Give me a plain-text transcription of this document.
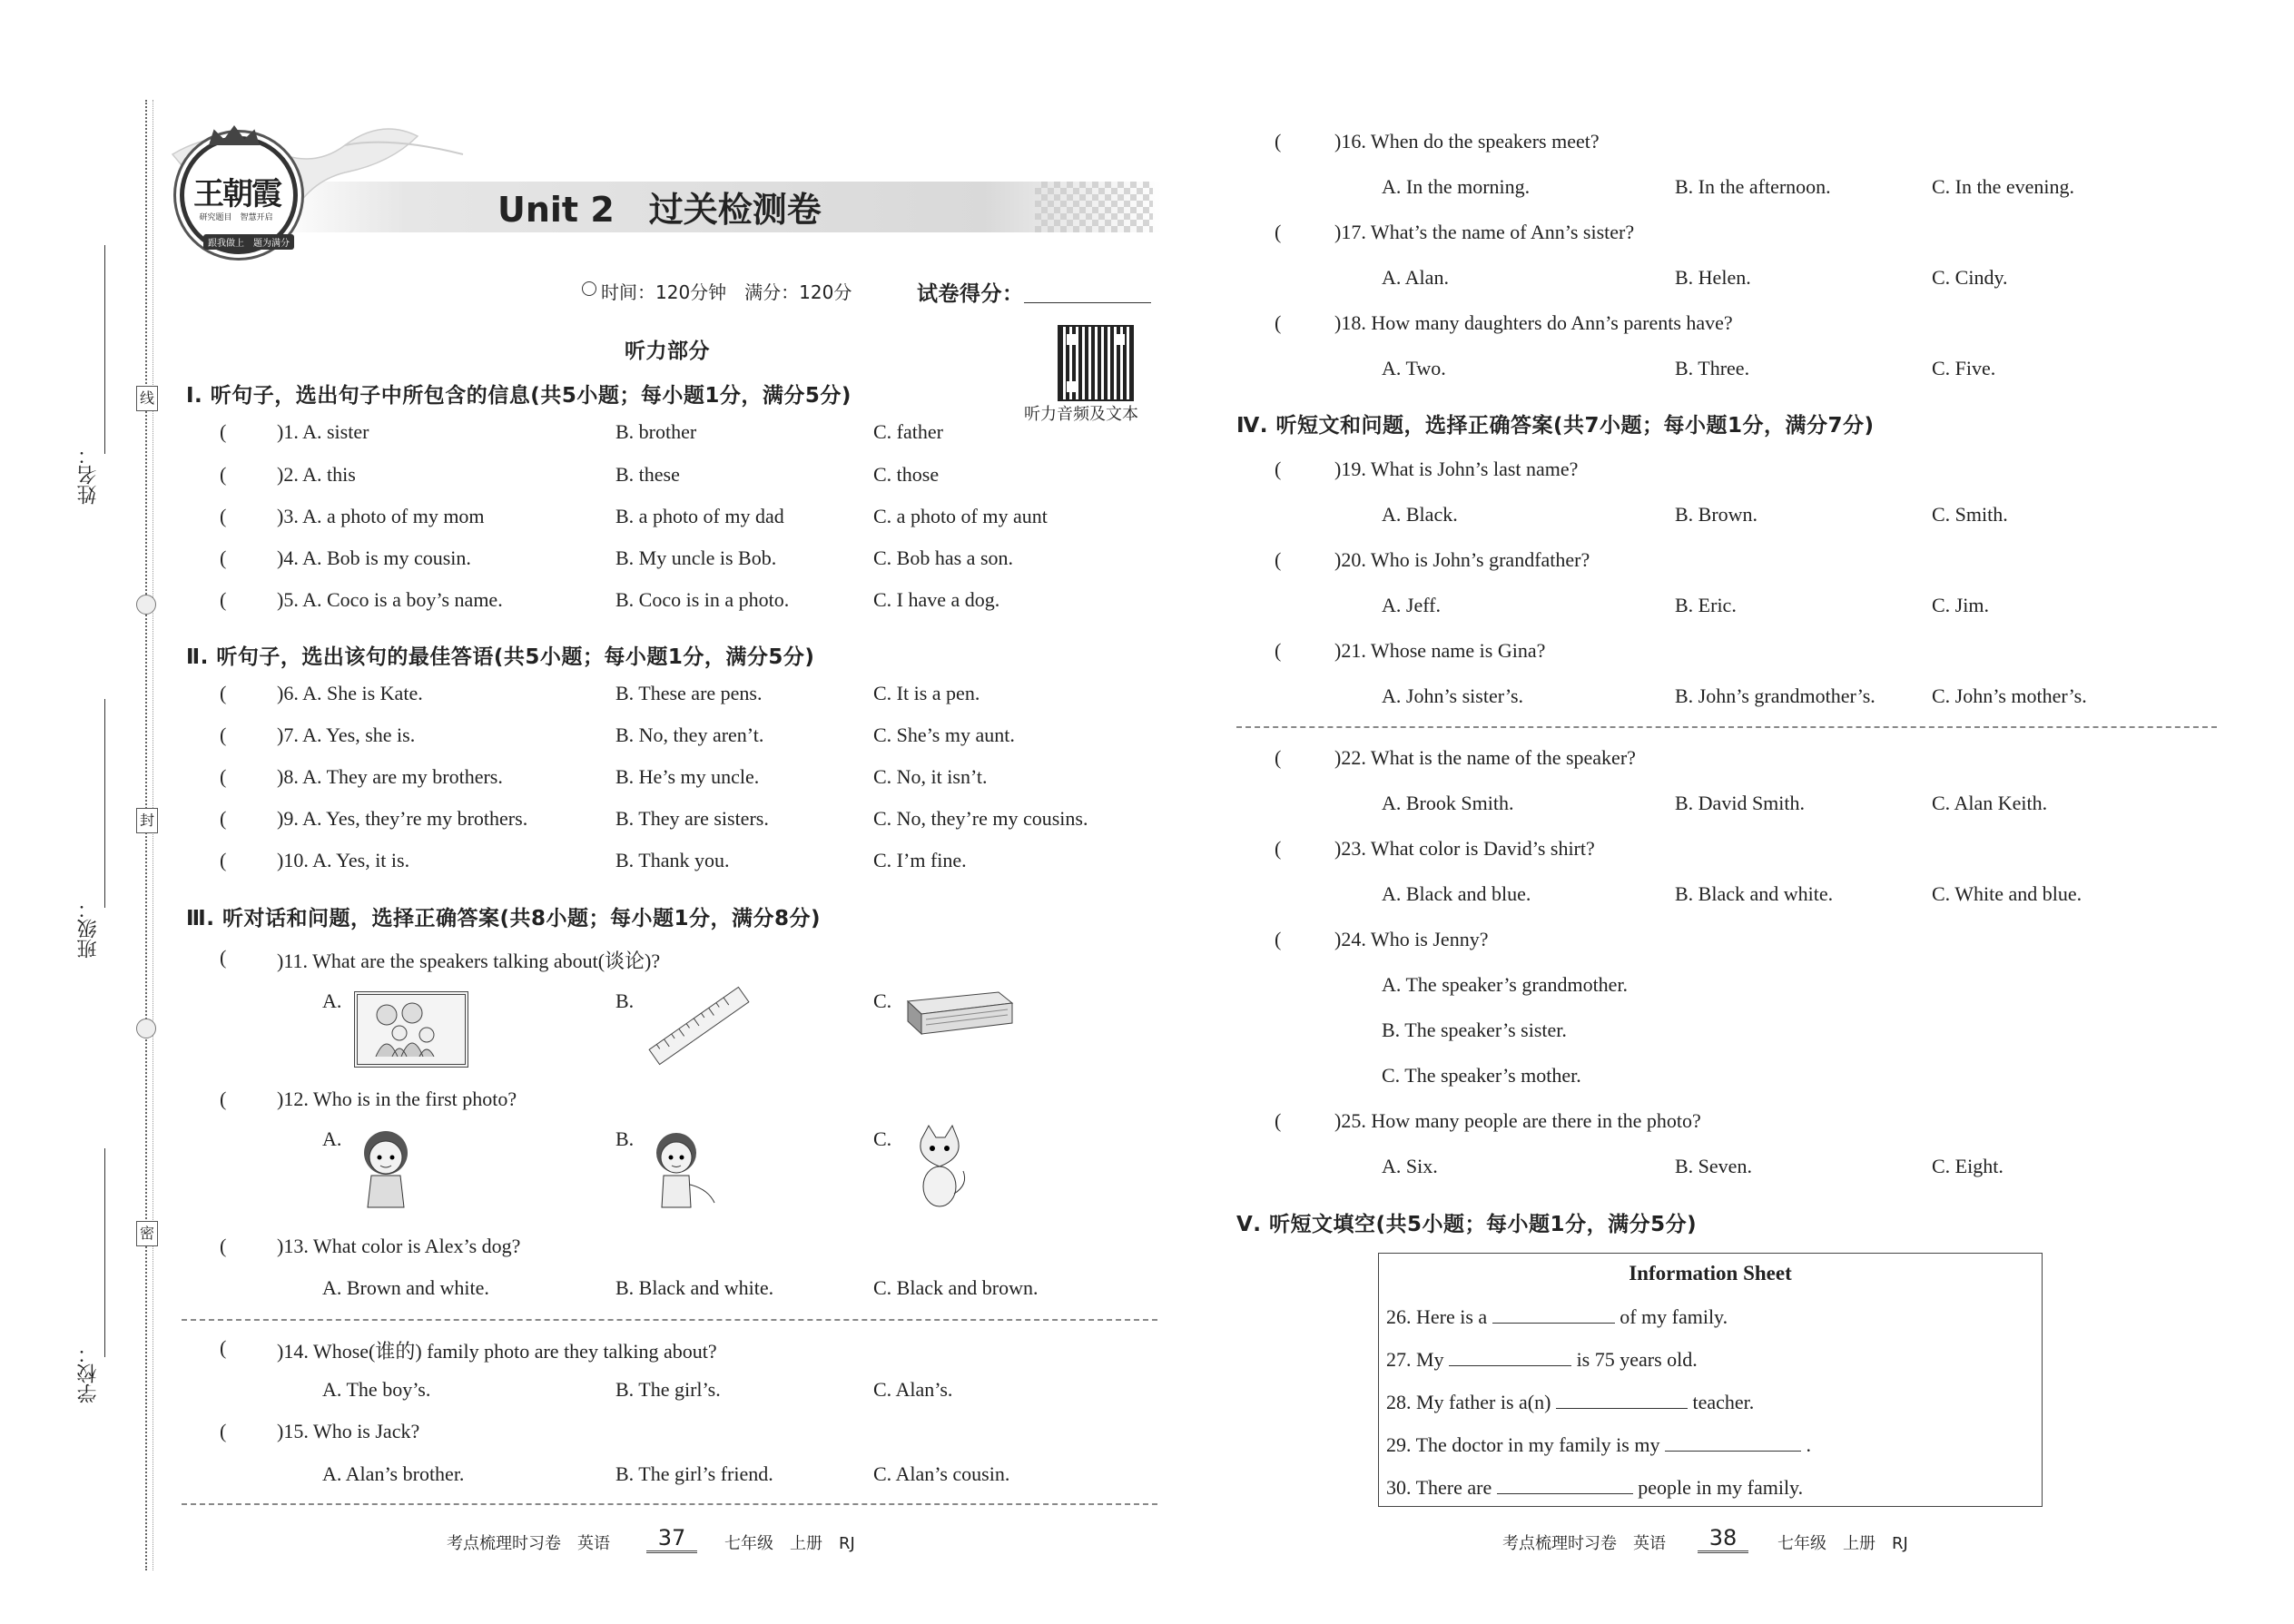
姓名：
线
班级：
封
学校：
密
王朝霞
研究题目　智慧开启
跟我做上　题为满分
Unit 2　过关检测卷
时间：120分钟　满分：120分	试卷得分：
听力部分
听力音频及文本
Ⅰ. 听句子，选出句子中所包含的信息(共5小题；每小题1分，满分5分)
(	)1. A. sister	B. brother	C. father
(	)2. A. this	B. these	C. those
(	)3. A. a photo of my mom	B. a photo of my dad	C. a photo of my aunt
(	)4. A. Bob is my cousin.	B. My uncle is Bob.	C. Bob has a son.
(	)5. A. Coco is a boy’s name.	B. Coco is in a photo.	C. I have a dog.
(	)6. A. She is Kate.	B. These are pens.	C. It is a pen.
(	)7. A. Yes, she is.	B. No, they aren’t.	C. She’s my aunt.
(	)8. A. They are my brothers.	B. He’s my uncle.	C. No, it isn’t.
(	)9. A. Yes, they’re my brothers.	B. They are sisters.	C. No, they’re my cousins.
(	)10. A. Yes, it is.	B. Thank you.	C. I’m fine.
Ⅱ. 听句子，选出该句的最佳答语(共5小题；每小题1分，满分5分)
Ⅲ. 听对话和问题，选择正确答案(共8小题；每小题1分，满分8分)
(	)11. What are the speakers talking about(谈论)?
A.	B.	C.
(	)12. Who is in the first photo?
A.	B.	C.
(	)13. What color is Alex’s dog?
A. Brown and white.	B. Black and white.	C. Black and brown.
(	)14. Whose(谁的) family photo are they talking about?
A. The boy’s.	B. The girl’s.	C. Alan’s.
(	)15. Who is Jack?
A. Alan’s brother.	B. The girl’s friend.	C. Alan’s cousin.
考点梳理时习卷　英语	37	七年级　上册　RJ
(	)16. When do the speakers meet?
A. In the morning.	B. In the afternoon.	C. In the evening.
(	)17. What’s the name of Ann’s sister?
A. Alan.	B. Helen.	C. Cindy.
(	)18. How many daughters do Ann’s parents have?
A. Two.	B. Three.	C. Five.
(	)19. What is John’s last name?
A. Black.	B. Brown.	C. Smith.
(	)20. Who is John’s grandfather?
A. Jeff.	B. Eric.	C. Jim.
(	)21. Whose name is Gina?
A. John’s sister’s.	B. John’s grandmother’s.	C. John’s mother’s.
(	)22. What is the name of the speaker?
A. Brook Smith.	B. David Smith.	C. Alan Keith.
(	)23. What color is David’s shirt?
A. Black and blue.	B. Black and white.	C. White and blue.
Ⅳ. 听短文和问题，选择正确答案(共7小题；每小题1分，满分7分)
(	)24. Who is Jenny?
A. The speaker’s grandmother.
B. The speaker’s sister.
C. The speaker’s mother.
(	)25. How many people are there in the photo?
A. Six.	B. Seven.	C. Eight.
Ⅴ. 听短文填空(共5小题；每小题1分，满分5分)
Information Sheet
26. Here is a	of my family.
27. My	is 75 years old.
28. My father is a(n)	teacher.
29. The doctor in my family is my	.
30. There are	people in my family.
考点梳理时习卷　英语	38	七年级　上册　RJ
